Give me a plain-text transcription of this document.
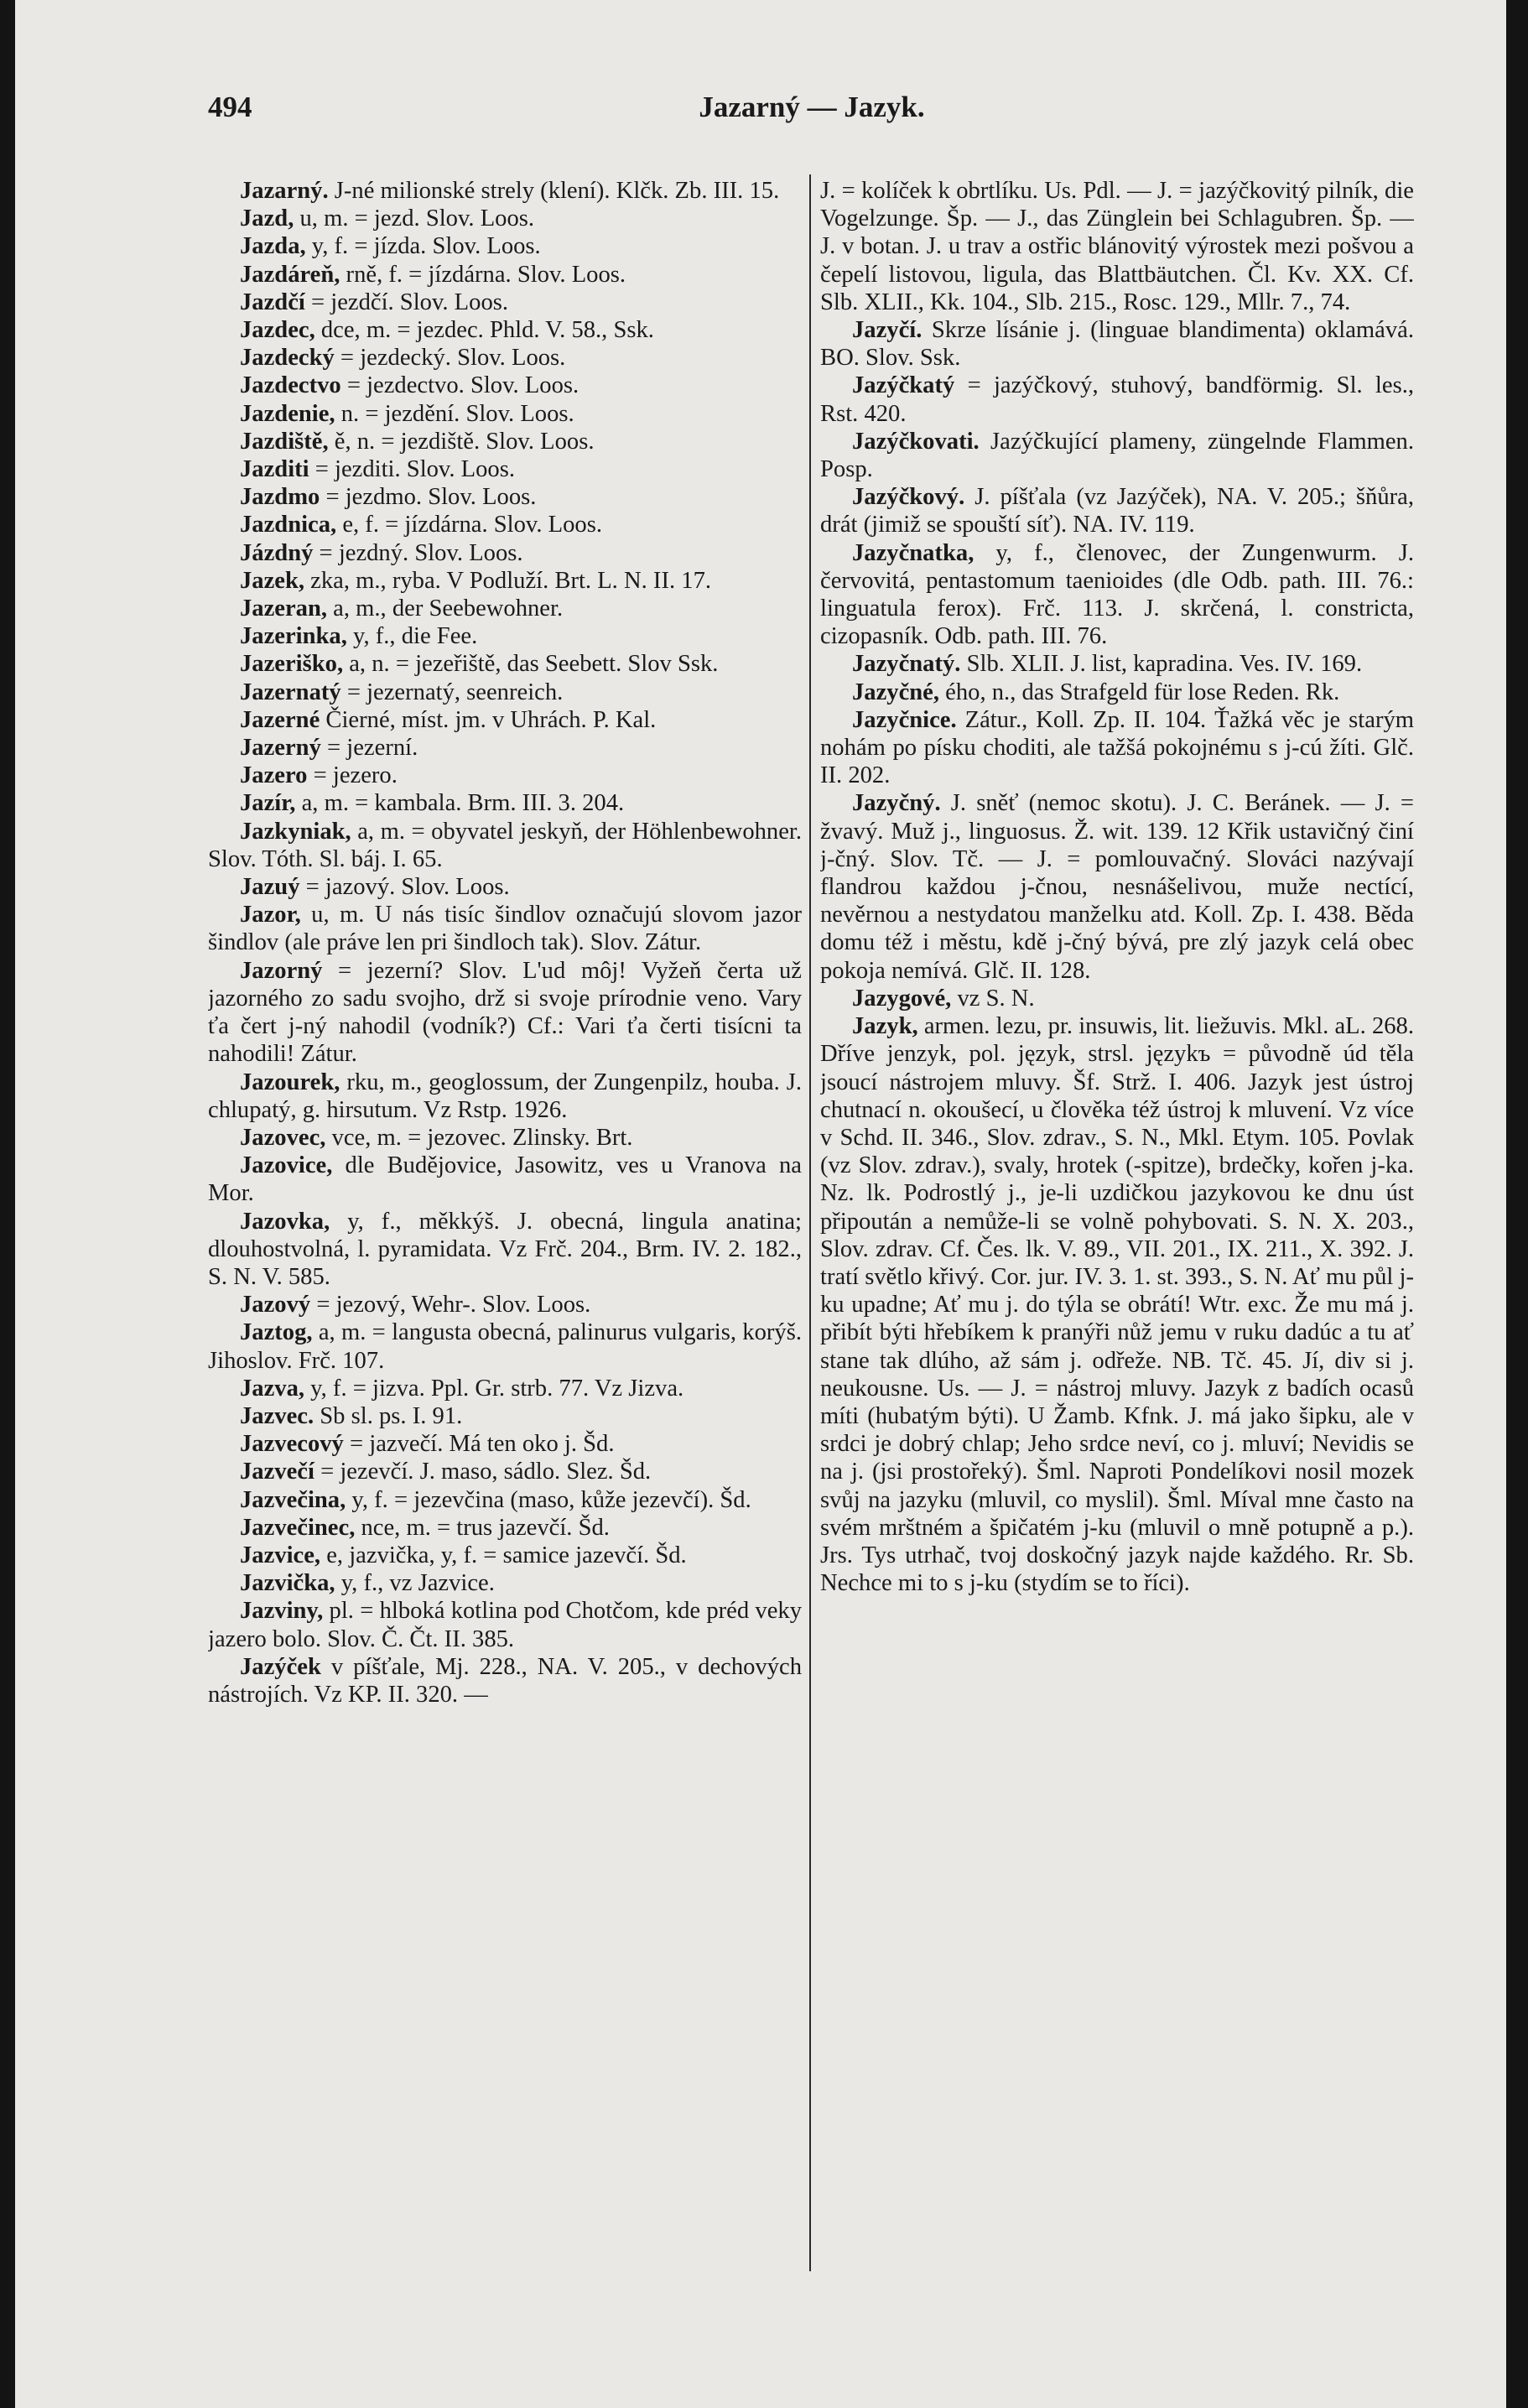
494	Jazarný — Jazyk.

Jazarný. J-né milionské strely (klení). Klčk. Zb. III. 15.

Jazd, u, m. = jezd. Slov. Loos.

Jazda, y, f. = jízda. Slov. Loos.

Jazdáreň, rně, f. = jízdárna. Slov. Loos.

Jazdčí = jezdčí. Slov. Loos.

Jazdec, dce, m. = jezdec. Phld. V. 58., Ssk.

Jazdecký = jezdecký. Slov. Loos.

Jazdectvo = jezdectvo. Slov. Loos.

Jazdenie, n. = jezdění. Slov. Loos.

Jazdiště, ě, n. = jezdiště. Slov. Loos.

Jazditi = jezditi. Slov. Loos.

Jazdmo = jezdmo. Slov. Loos.

Jazdnica, e, f. = jízdárna. Slov. Loos.

Jázdný = jezdný. Slov. Loos.

Jazek, zka, m., ryba. V Podluží. Brt. L. N. II. 17.

Jazeran, a, m., der Seebewohner.

Jazerinka, y, f., die Fee.

Jazeriško, a, n. = jezeřiště, das Seebett. Slov Ssk.

Jazernatý = jezernatý, seenreich.

Jazerné Čierné, míst. jm. v Uhrách. P. Kal.

Jazerný = jezerní.

Jazero = jezero.

Jazír, a, m. = kambala. Brm. III. 3. 204.

Jazkyniak, a, m. = obyvatel jeskyň, der Höhlenbewohner. Slov. Tóth. Sl. báj. I. 65.

Jazuý = jazový. Slov. Loos.

Jazor, u, m. U nás tisíc šindlov označujú slovom jazor šindlov (ale práve len pri šindloch tak). Slov. Zátur.

Jazorný = jezerní? Slov. L'ud môj! Vyžeň čerta už jazorného zo sadu svojho, drž si svoje prírodnie veno. Vary ťa čert j-ný nahodil (vodník?) Cf.: Vari ťa čerti tisícni ta nahodili! Zátur.

Jazourek, rku, m., geoglossum, der Zungenpilz, houba. J. chlupatý, g. hirsutum. Vz Rstp. 1926.

Jazovec, vce, m. = jezovec. Zlinsky. Brt.

Jazovice, dle Budějovice, Jasowitz, ves u Vranova na Mor.

Jazovka, y, f., měkkýš. J. obecná, lingula anatina; dlouhostvolná, l. pyramidata. Vz Frč. 204., Brm. IV. 2. 182., S. N. V. 585.

Jazový = jezový, Wehr-. Slov. Loos.

Jaztog, a, m. = langusta obecná, palinurus vulgaris, korýš. Jihoslov. Frč. 107.

Jazva, y, f. = jizva. Ppl. Gr. strb. 77. Vz Jizva.

Jazvec. Sb sl. ps. I. 91.

Jazvecový = jazvečí. Má ten oko j. Šd.

Jazvečí = jezevčí. J. maso, sádlo. Slez. Šd.

Jazvečina, y, f. = jezevčina (maso, kůže jezevčí). Šd.

Jazvečinec, nce, m. = trus jazevčí. Šd.

Jazvice, e, jazvička, y, f. = samice jazevčí. Šd.

Jazvička, y, f., vz Jazvice.

Jazviny, pl. = hlboká kotlina pod Chotčom, kde préd veky jazero bolo. Slov. Č. Čt. II. 385.

Jazýček v píšťale, Mj. 228., NA. V. 205., v dechových nástrojích. Vz KP. II. 320. —

J. = kolíček k obrtlíku. Us. Pdl. — J. = jazýčkovitý pilník, die Vogelzunge. Šp. — J., das Zünglein bei Schlagubren. Šp. — J. v botan. J. u trav a ostřic blánovitý výrostek mezi pošvou a čepelí listovou, ligula, das Blattbäutchen. Čl. Kv. XX. Cf. Slb. XLII., Kk. 104., Slb. 215., Rosc. 129., Mllr. 7., 74.

Jazyčí. Skrze lísánie j. (linguae blandimenta) oklamává. BO. Slov. Ssk.

Jazýčkatý = jazýčkový, stuhový, bandförmig. Sl. les., Rst. 420.

Jazýčkovati. Jazýčkující plameny, züngelnde Flammen. Posp.

Jazýčkový. J. píšťala (vz Jazýček), NA. V. 205.; šňůra, drát (jimiž se spouští síť). NA. IV. 119.

Jazyčnatka, y, f., členovec, der Zungenwurm. J. červovitá, pentastomum taenioides (dle Odb. path. III. 76.: linguatula ferox). Frč. 113. J. skrčená, l. constricta, cizopasník. Odb. path. III. 76.

Jazyčnatý. Slb. XLII. J. list, kapradina. Ves. IV. 169.

Jazyčné, ého, n., das Strafgeld für lose Reden. Rk.

Jazyčnice. Zátur., Koll. Zp. II. 104. Ťažká věc je starým nohám po písku choditi, ale tažšá pokojnému s j-cú žíti. Glč. II. 202.

Jazyčný. J. sněť (nemoc skotu). J. C. Beránek. — J. = žvavý. Muž j., linguosus. Ž. wit. 139. 12 Křik ustavičný činí j-čný. Slov. Tč. — J. = pomlouvačný. Slováci nazývají flandrou každou j-čnou, nesnášelivou, muže nectící, nevěrnou a nestydatou manželku atd. Koll. Zp. I. 438. Běda domu též i městu, kdě j-čný bývá, pre zlý jazyk celá obec pokoja nemívá. Glč. II. 128.

Jazygové, vz S. N.

Jazyk, armen. lezu, pr. insuwis, lit. liežuvis. Mkl. aL. 268. Dříve jenzyk, pol. język, strsl. językъ = původně úd těla jsoucí nástrojem mluvy. Šf. Strž. I. 406. Jazyk jest ústroj chutnací n. okoušecí, u člověka též ústroj k mluvení. Vz více v Schd. II. 346., Slov. zdrav., S. N., Mkl. Etym. 105. Povlak (vz Slov. zdrav.), svaly, hrotek (-spitze), brdečky, kořen j-ka. Nz. lk. Podrostlý j., je-li uzdičkou jazykovou ke dnu úst připoután a nemůže-li se volně pohybovati. S. N. X. 203., Slov. zdrav. Cf. Čes. lk. V. 89., VII. 201., IX. 211., X. 392. J. tratí světlo křivý. Cor. jur. IV. 3. 1. st. 393., S. N. Ať mu půl j-ku upadne; Ať mu j. do týla se obrátí! Wtr. exc. Že mu má j. přibít býti hřebíkem k pranýři nůž jemu v ruku dadúc a tu ať stane tak dlúho, až sám j. odřeže. NB. Tč. 45. Jí, div si j. neukousne. Us. — J. = nástroj mluvy. Jazyk z badích ocasů míti (hubatým býti). U Žamb. Kfnk. J. má jako šipku, ale v srdci je dobrý chlap; Jeho srdce neví, co j. mluví; Nevidis se na j. (jsi prostořeký). Šml. Naproti Pondelíkovi nosil mozek svůj na jazyku (mluvil, co myslil). Šml. Míval mne často na svém mrštném a špičatém j-ku (mluvil o mně potupně a p.). Jrs. Tys utrhač, tvoj doskočný jazyk najde každého. Rr. Sb. Nechce mi to s j-ku (stydím se to říci).
